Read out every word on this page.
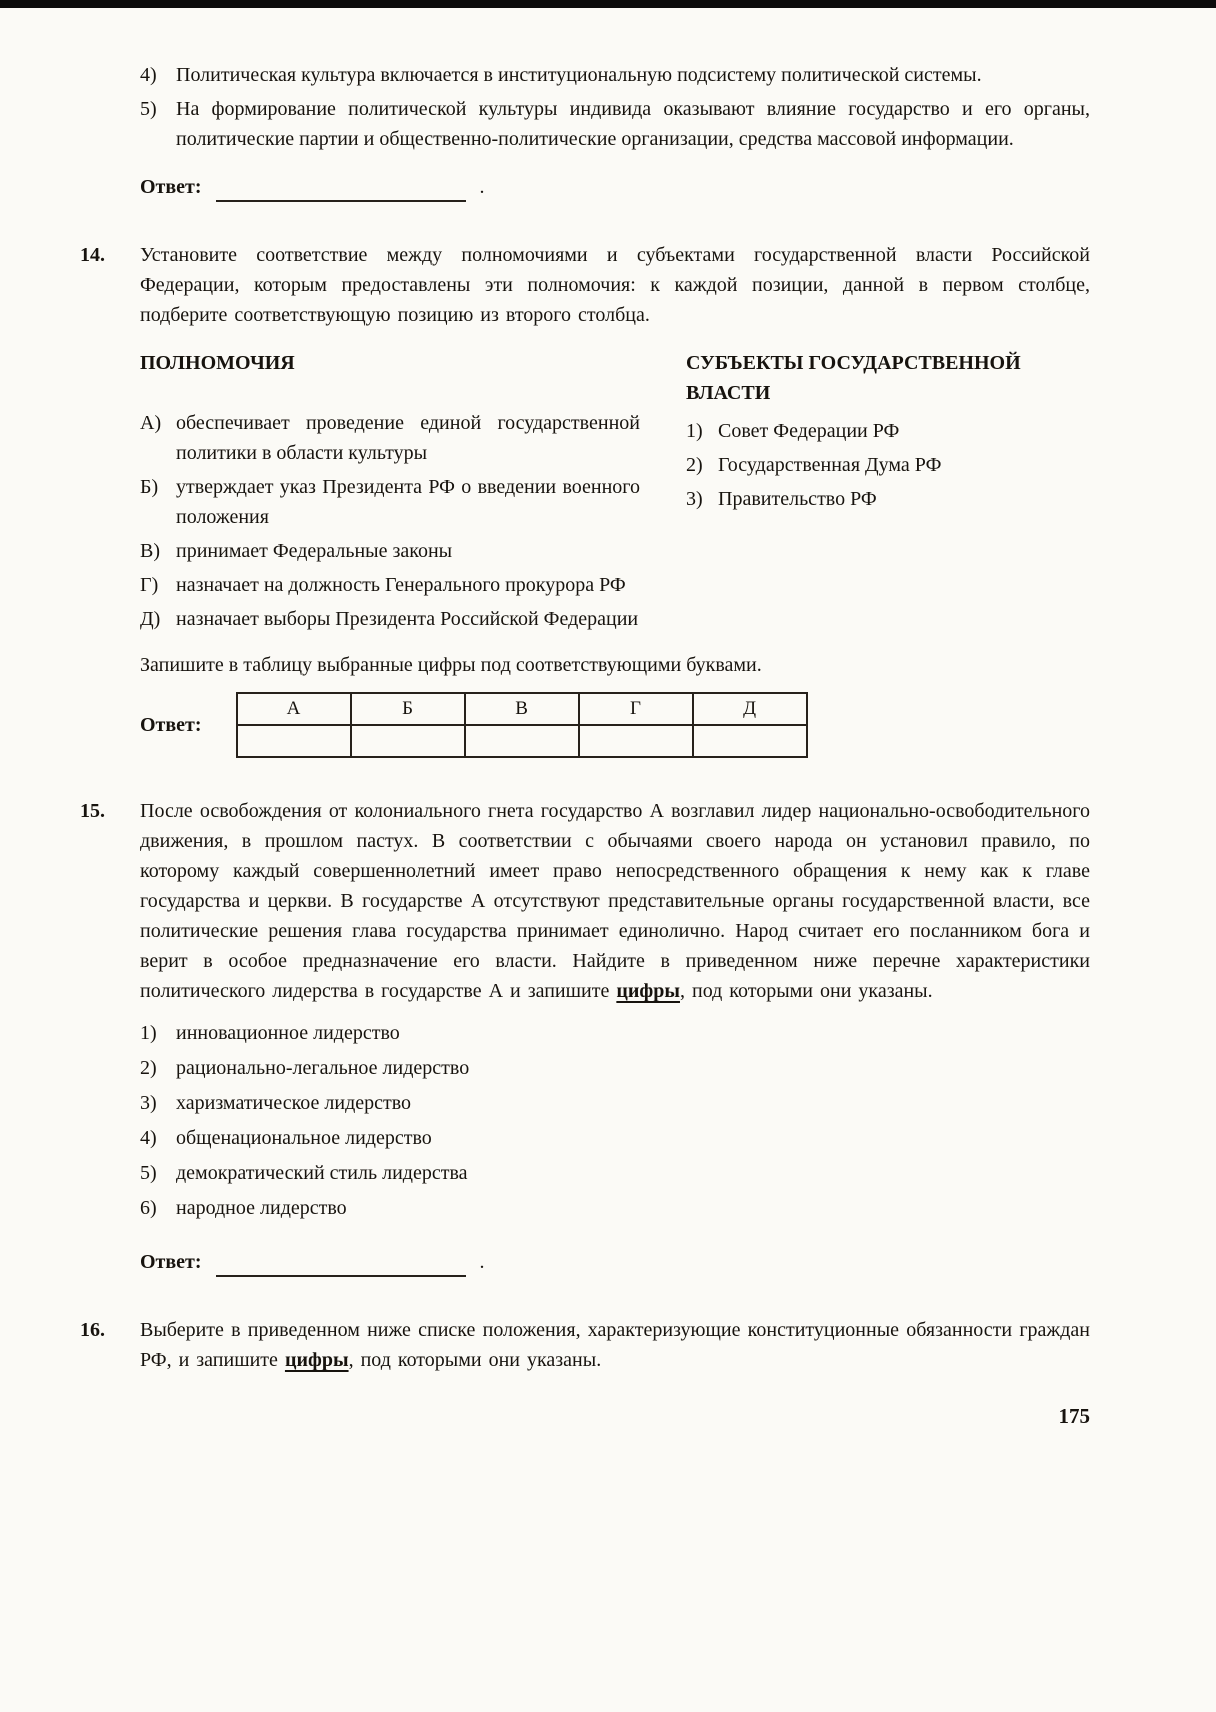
4) Политическая культура включается в институциональную подсистему политической системы.
5) На формирование политической культуры индивида оказывают влияние государство и его органы, политические партии и общественно-политические организации, средства массовой информации.
Ответ:	.
14.	Установите соответствие между полномочиями и субъектами государственной власти Российской Федерации, которым предоставлены эти полномочия: к каждой позиции, данной в первом столбце, подберите соответствующую позицию из второго столбца.

ПОЛНОМОЧИЯ
А) обеспечивает проведение единой государственной политики в области культуры
Б) утверждает указ Президента РФ о введении военного положения
В) принимает Федеральные законы
Г) назначает на должность Генерального прокурора РФ
Д) назначает выборы Президента Российской Федерации
СУБЪЕКТЫ ГОСУДАРСТВЕННОЙ ВЛАСТИ
1) Совет Федерации РФ
2) Государственная Дума РФ
3) Правительство РФ

Запишите в таблицу выбранные цифры под соответствующими буквами.

Ответ:
А	Б	В	Г	Д

15.	После освобождения от колониального гнета государство А возглавил лидер национально-освободительного движения, в прошлом пастух. В соответствии с обычаями своего народа он установил правило, по которому каждый совершеннолетний имеет право непосредственного обращения к нему как к главе государства и церкви. В государстве А отсутствуют представительные органы государственной власти, все политические решения глава государства принимает единолично. Народ считает его посланником бога и верит в особое предназначение его власти. Найдите в приведенном ниже перечне характеристики политического лидерства в государстве А и запишите цифры, под которыми они указаны.

1) инновационное лидерство
2) рационально-легальное лидерство
3) харизматическое лидерство
4) общенациональное лидерство
5) демократический стиль лидерства
6) народное лидерство
Ответ:	.
16.	Выберите в приведенном ниже списке положения, характеризующие конституционные обязанности граждан РФ, и запишите цифры, под которыми они указаны.

175
